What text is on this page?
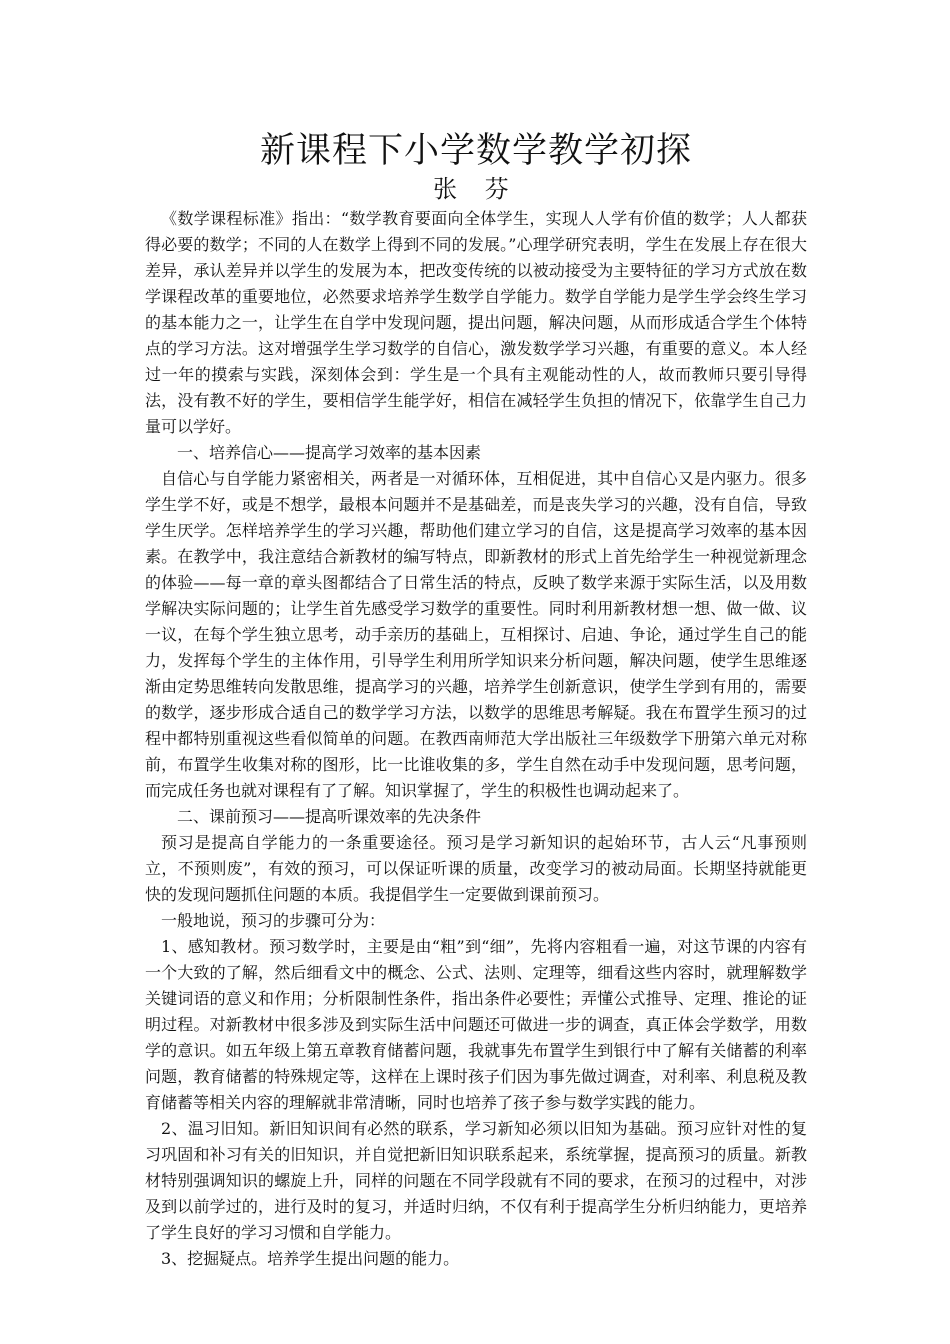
新课程下小学数学教学初探
张 芬

《数学课程标准》指出：“数学教育要面向全体学生，实现人人学有价值的数学；人人都获得必要的数学；不同的人在数学上得到不同的发展。”心理学研究表明，学生在发展上存在很大差异，承认差异并以学生的发展为本，把改变传统的以被动接受为主要特征的学习方式放在数学课程改革的重要地位，必然要求培养学生数学自学能力。数学自学能力是学生学会终生学习的基本能力之一，让学生在自学中发现问题，提出问题，解决问题，从而形成适合学生个体特点的学习方法。这对增强学生学习数学的自信心，激发数学学习兴趣，有重要的意义。本人经过一年的摸索与实践，深刻体会到：学生是一个具有主观能动性的人，故而教师只要引导得法，没有教不好的学生，要相信学生能学好，相信在减轻学生负担的情况下，依靠学生自己力量可以学好。

一、培养信心——提高学习效率的基本因素

自信心与自学能力紧密相关，两者是一对循环体，互相促进，其中自信心又是内驱力。很多学生学不好，或是不想学，最根本问题并不是基础差，而是丧失学习的兴趣，没有自信，导致学生厌学。怎样培养学生的学习兴趣，帮助他们建立学习的自信，这是提高学习效率的基本因素。在教学中，我注意结合新教材的编写特点，即新教材的形式上首先给学生一种视觉新理念的体验——每一章的章头图都结合了日常生活的特点，反映了数学来源于实际生活，以及用数学解决实际问题的；让学生首先感受学习数学的重要性。同时利用新教材想一想、做一做、议一议，在每个学生独立思考，动手亲历的基础上，互相探讨、启迪、争论，通过学生自己的能力，发挥每个学生的主体作用，引导学生利用所学知识来分析问题，解决问题，使学生思维逐渐由定势思维转向发散思维，提高学习的兴趣，培养学生创新意识，使学生学到有用的，需要的数学，逐步形成合适自己的数学学习方法，以数学的思维思考解疑。我在布置学生预习的过程中都特别重视这些看似简单的问题。在教西南师范大学出版社三年级数学下册第六单元对称前，布置学生收集对称的图形，比一比谁收集的多，学生自然在动手中发现问题，思考问题，而完成任务也就对课程有了了解。知识掌握了，学生的积极性也调动起来了。

二、课前预习——提高听课效率的先决条件

预习是提高自学能力的一条重要途径。预习是学习新知识的起始环节，古人云“凡事预则立，不预则废”，有效的预习，可以保证听课的质量，改变学习的被动局面。长期坚持就能更快的发现问题抓住问题的本质。我提倡学生一定要做到课前预习。

一般地说，预习的步骤可分为：

1、感知教材。预习数学时，主要是由“粗”到“细”，先将内容粗看一遍，对这节课的内容有一个大致的了解，然后细看文中的概念、公式、法则、定理等，细看这些内容时，就理解数学关键词语的意义和作用；分析限制性条件，指出条件必要性；弄懂公式推导、定理、推论的证明过程。对新教材中很多涉及到实际生活中问题还可做进一步的调查，真正体会学数学，用数学的意识。如五年级上第五章教育储蓄问题，我就事先布置学生到银行中了解有关储蓄的利率问题，教育储蓄的特殊规定等，这样在上课时孩子们因为事先做过调查，对利率、利息税及教育储蓄等相关内容的理解就非常清晰，同时也培养了孩子参与数学实践的能力。

2、温习旧知。新旧知识间有必然的联系，学习新知必须以旧知为基础。预习应针对性的复习巩固和补习有关的旧知识，并自觉把新旧知识联系起来，系统掌握，提高预习的质量。新教材特别强调知识的螺旋上升，同样的问题在不同学段就有不同的要求，在预习的过程中，对涉及到以前学过的，进行及时的复习，并适时归纳，不仅有利于提高学生分析归纳能力，更培养了学生良好的学习习惯和自学能力。

3、挖掘疑点。培养学生提出问题的能力。
